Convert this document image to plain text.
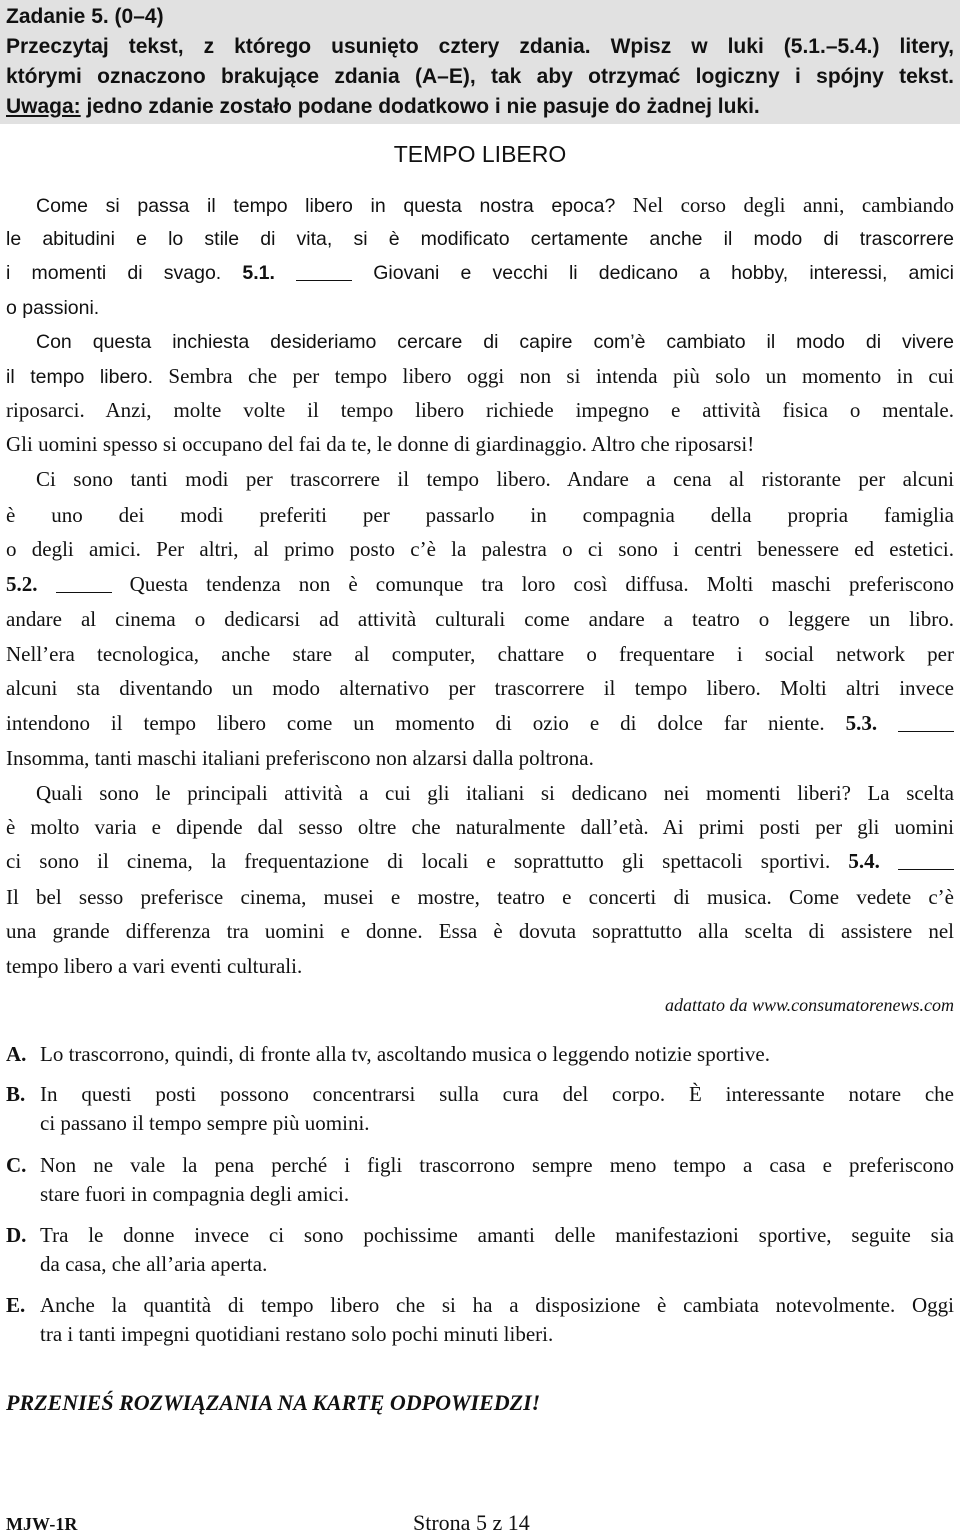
Zadanie 5. (0–4)
Przeczytaj tekst, z którego usunięto cztery zdania. Wpisz w luki (5.1.–5.4.) litery,
którymi oznaczono brakujące zdania (A–E), tak aby otrzymać logiczny i spójny tekst.
Uwaga: jedno zdanie zostało podane dodatkowo i nie pasuje do żadnej luki.
TEMPO LIBERO
Come si passa il tempo libero in questa nostra epoca? Nel corso degli anni, cambiando
le abitudini e lo stile di vita, si è modificato certamente anche il modo di trascorrere
i momenti di svago. 5.1.	Giovani e vecchi li dedicano a hobby, interessi, amici
o passioni.
Con questa inchiesta desideriamo cercare di capire com’è cambiato il modo di vivere
il tempo libero. Sembra che per tempo libero oggi non si intenda più solo un momento in cui
riposarci. Anzi, molte volte il tempo libero richiede impegno e attività fisica o mentale.
Gli uomini spesso si occupano del fai da te, le donne di giardinaggio. Altro che riposarsi!
Ci sono tanti modi per trascorrere il tempo libero. Andare a cena al ristorante per alcuni
è uno dei modi preferiti per passarlo in compagnia della propria famiglia
o degli amici. Per altri, al primo posto c’è la palestra o ci sono i centri benessere ed estetici.
5.2.	Questa tendenza non è comunque tra loro così diffusa. Molti maschi preferiscono
andare al cinema o dedicarsi ad attività culturali come andare a teatro o leggere un libro.
Nell’era tecnologica, anche stare al computer, chattare o frequentare i social network per
alcuni sta diventando un modo alternativo per trascorrere il tempo libero. Molti altri invece
intendono il tempo libero come un momento di ozio e di dolce far niente. 5.3.
Insomma, tanti maschi italiani preferiscono non alzarsi dalla poltrona.
Quali sono le principali attività a cui gli italiani si dedicano nei momenti liberi? La scelta
è molto varia e dipende dal sesso oltre che naturalmente dall’età. Ai primi posti per gli uomini
ci sono il cinema, la frequentazione di locali e soprattutto gli spettacoli sportivi. 5.4.
Il bel sesso preferisce cinema, musei e mostre, teatro e concerti di musica. Come vedete c’è
una grande differenza tra uomini e donne. Essa è dovuta soprattutto alla scelta di assistere nel
tempo libero a vari eventi culturali.
adattato da www.consumatorenews.com
A. Lo trascorrono, quindi, di fronte alla tv, ascoltando musica o leggendo notizie sportive.
B. In questi posti possono concentrarsi sulla cura del corpo. È interessante notare che
ci passano il tempo sempre più uomini.
C. Non ne vale la pena perché i figli trascorrono sempre meno tempo a casa e preferiscono
stare fuori in compagnia degli amici.
D. Tra le donne invece ci sono pochissime amanti delle manifestazioni sportive, seguite sia
da casa, che all’aria aperta.
E. Anche la quantità di tempo libero che si ha a disposizione è cambiata notevolmente. Oggi
tra i tanti impegni quotidiani restano solo pochi minuti liberi.
PRZENIEŚ ROZWIĄZANIA NA KARTĘ ODPOWIEDZI!
MJW-1R	Strona 5 z 14
